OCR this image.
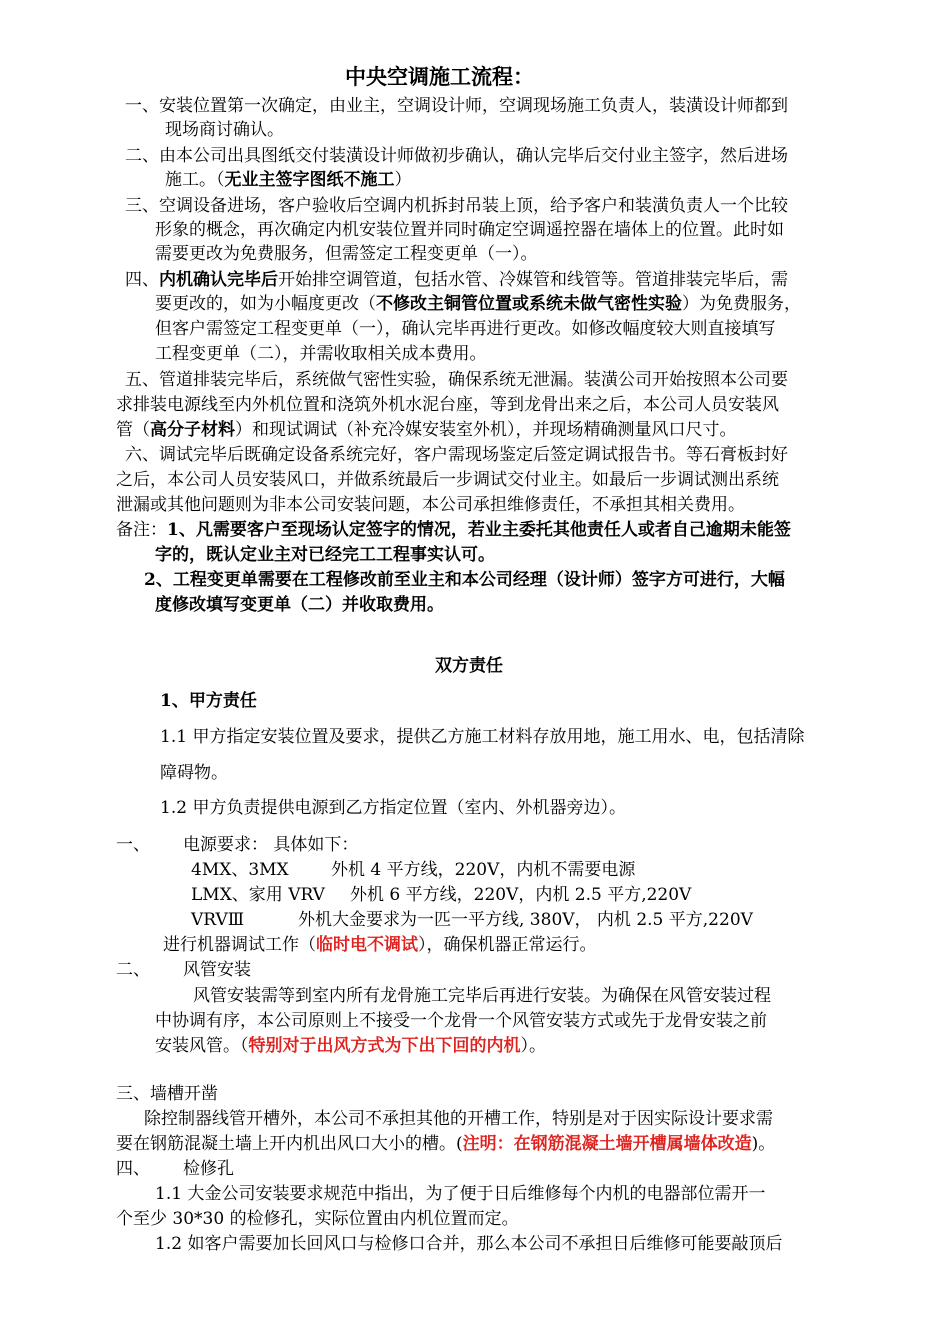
中央空调施工流程：
一、安装位置第一次确定，由业主，空调设计师，空调现场施工负责人，装潢设计师都到
现场商讨确认。
二、由本公司出具图纸交付装潢设计师做初步确认，确认完毕后交付业主签字，然后进场
施工。（无业主签字图纸不施工）
三、空调设备进场，客户验收后空调内机拆封吊装上顶，给予客户和装潢负责人一个比较
形象的概念，再次确定内机安装位置并同时确定空调遥控器在墙体上的位置。此时如
需要更改为免费服务，但需签定工程变更单（一）。
四、内机确认完毕后开始排空调管道，包括水管、冷媒管和线管等。管道排装完毕后，需
要更改的，如为小幅度更改（不修改主铜管位置或系统未做气密性实验）为免费服务，
但客户需签定工程变更单（一），确认完毕再进行更改。如修改幅度较大则直接填写
工程变更单（二），并需收取相关成本费用。
五、管道排装完毕后，系统做气密性实验，确保系统无泄漏。装潢公司开始按照本公司要
求排装电源线至内外机位置和浇筑外机水泥台座，等到龙骨出来之后，本公司人员安装风
管（高分子材料）和现试调试（补充冷媒安装室外机），并现场精确测量风口尺寸。
六、调试完毕后既确定设备系统完好，客户需现场鉴定后签定调试报告书。等石膏板封好
之后，本公司人员安装风口，并做系统最后一步调试交付业主。如最后一步调试测出系统
泄漏或其他问题则为非本公司安装问题，本公司承担维修责任，不承担其相关费用。
备注：1、凡需要客户至现场认定签字的情况，若业主委托其他责任人或者自己逾期未能签
字的，既认定业主对已经完工工程事实认可。
2、工程变更单需要在工程修改前至业主和本公司经理（设计师）签字方可进行，大幅
度修改填写变更单（二）并收取费用。
双方责任
1、甲方责任
1.1 甲方指定安装位置及要求，提供乙方施工材料存放用地，施工用水、电，包括清除
障碍物。
1.2 甲方负责提供电源到乙方指定位置（室内、外机器旁边）。
一、 电源要求： 具体如下：
4MX、3MX 外机 4 平方线，220V，内机不需要电源
LMX、家用 VRV 外机 6 平方线，220V，内机 2.5 平方,220V
VRVⅢ	外机大金要求为一匹一平方线, 380V， 内机 2.5 平方,220V
进行机器调试工作（临时电不调试），确保机器正常运行。
二、 风管安装
风管安装需等到室内所有龙骨施工完毕后再进行安装。为确保在风管安装过程
中协调有序，本公司原则上不接受一个龙骨一个风管安装方式或先于龙骨安装之前
安装风管。（特别对于出风方式为下出下回的内机）。
三、墙槽开凿
除控制器线管开槽外，本公司不承担其他的开槽工作，特别是对于因实际设计要求需
要在钢筋混凝土墙上开内机出风口大小的槽。(注明：在钢筋混凝土墙开槽属墙体改造)。
四、 检修孔
1.1 大金公司安装要求规范中指出，为了便于日后维修每个内机的电器部位需开一
个至少 30*30 的检修孔，实际位置由内机位置而定。
1.2 如客户需要加长回风口与检修口合并，那么本公司不承担日后维修可能要敲顶后
